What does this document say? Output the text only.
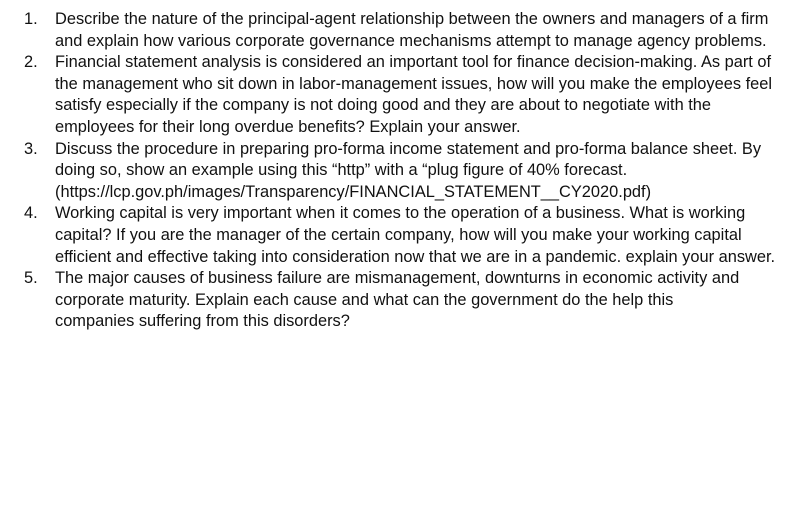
1. Describe the nature of the principal-agent relationship between the owners and managers of a firm and explain how various corporate governance mechanisms attempt to manage agency problems.
2. Financial statement analysis is considered an important tool for finance decision-making. As part of the management who sit down in labor-management issues, how will you make the employees feel satisfy especially if the company is not doing good and they are about to negotiate with the employees for their long overdue benefits? Explain your answer.
3. Discuss the procedure in preparing pro-forma income statement and pro-forma balance sheet. By doing so, show an example using this “http” with a “plug figure of 40% forecast.
(https://lcp.gov.ph/images/Transparency/FINANCIAL_STATEMENT__CY2020.pdf)
4. Working capital is very important when it comes to the operation of a business. What is working capital? If you are the manager of the certain company, how will you make your working capital efficient and effective taking into consideration now that we are in a pandemic. explain your answer.
5. The major causes of business failure are mismanagement, downturns in economic activity and corporate maturity. Explain each cause and what can the government do the help this companies suffering from this disorders?
